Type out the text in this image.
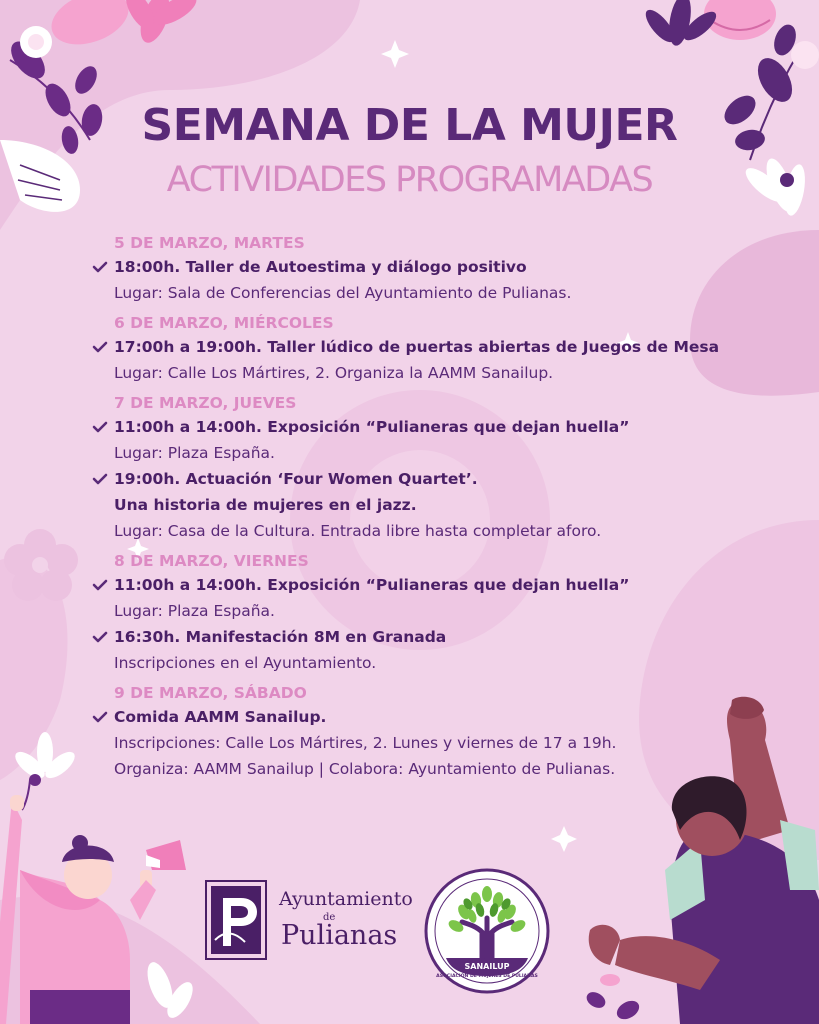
SEMANA DE LA MUJER
ACTIVIDADES PROGRAMADAS
5 DE MARZO, MARTES
18:00h. Taller de Autoestima y diálogo positivo
Lugar: Sala de Conferencias del Ayuntamiento de Pulianas.
6 DE MARZO, MIÉRCOLES
17:00h a 19:00h. Taller lúdico de puertas abiertas de Juegos de Mesa
Lugar: Calle Los Mártires, 2. Organiza la AAMM Sanailup.
7 DE MARZO, JUEVES
11:00h a 14:00h. Exposición “Pulianeras que dejan huella”
Lugar: Plaza España.
19:00h. Actuación ‘Four Women Quartet’.
Una historia de mujeres en el jazz.
Lugar: Casa de la Cultura. Entrada libre hasta completar aforo.
8 DE MARZO, VIERNES
11:00h a 14:00h. Exposición “Pulianeras que dejan huella”
Lugar: Plaza España.
16:30h. Manifestación 8M en Granada
Inscripciones en el Ayuntamiento.
9 DE MARZO, SÁBADO
Comida AAMM Sanailup.
Inscripciones: Calle Los Mártires, 2. Lunes y viernes de 17 a 19h.
Organiza: AAMM Sanailup | Colabora: Ayuntamiento de Pulianas.
Ayuntamiento
de
Pulianas
SANAILUP
ASOCIACIÓN DE MUJERES DE PULIANAS
